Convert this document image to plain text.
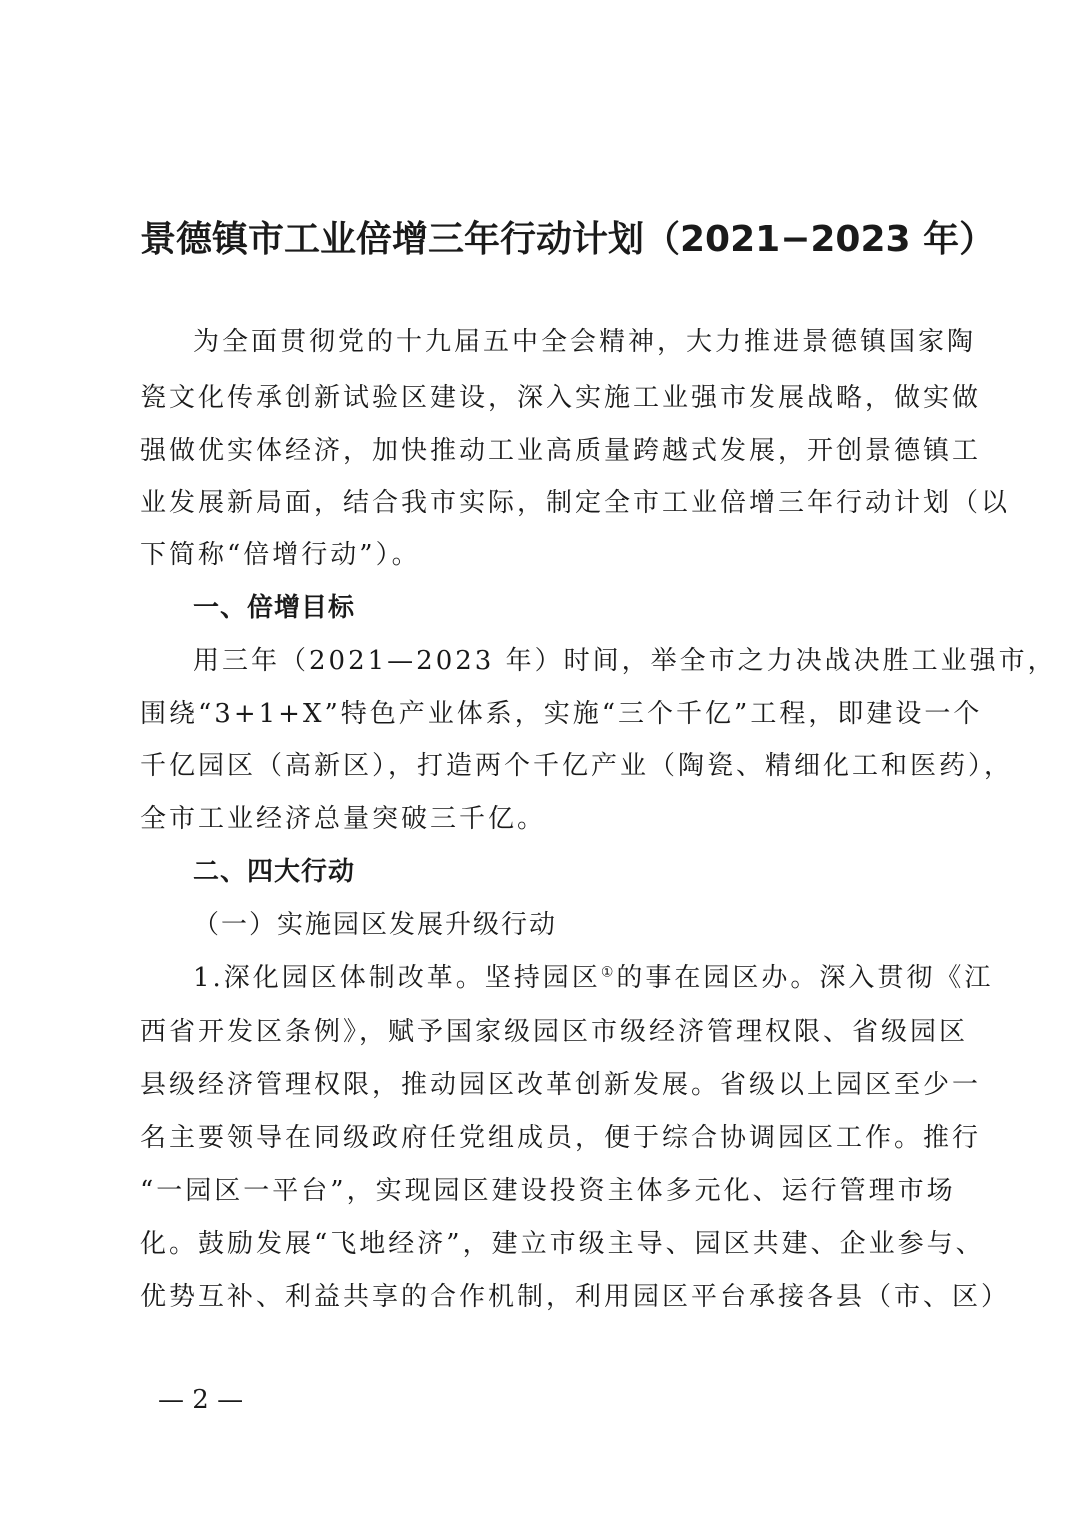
景德镇市工业倍增三年行动计划（2021−2023 年）
为全面贯彻党的十九届五中全会精神，大力推进景德镇国家陶
瓷文化传承创新试验区建设，深入实施工业强市发展战略，做实做
强做优实体经济，加快推动工业高质量跨越式发展，开创景德镇工
业发展新局面，结合我市实际，制定全市工业倍增三年行动计划（以
下简称“倍增行动”）。
一、倍增目标
用三年（2021—2023 年）时间，举全市之力决战决胜工业强市，
围绕“3+1+X”特色产业体系，实施“三个千亿”工程，即建设一个
千亿园区（高新区），打造两个千亿产业（陶瓷、精细化工和医药），
全市工业经济总量突破三千亿。
二、四大行动
（一）实施园区发展升级行动
1.深化园区体制改革。坚持园区①的事在园区办。深入贯彻《江
西省开发区条例》，赋予国家级园区市级经济管理权限、省级园区
县级经济管理权限，推动园区改革创新发展。省级以上园区至少一
名主要领导在同级政府任党组成员，便于综合协调园区工作。推行
“一园区一平台”，实现园区建设投资主体多元化、运行管理市场
化。鼓励发展“飞地经济”，建立市级主导、园区共建、企业参与、
优势互补、利益共享的合作机制，利用园区平台承接各县（市、区）
— 2 —
